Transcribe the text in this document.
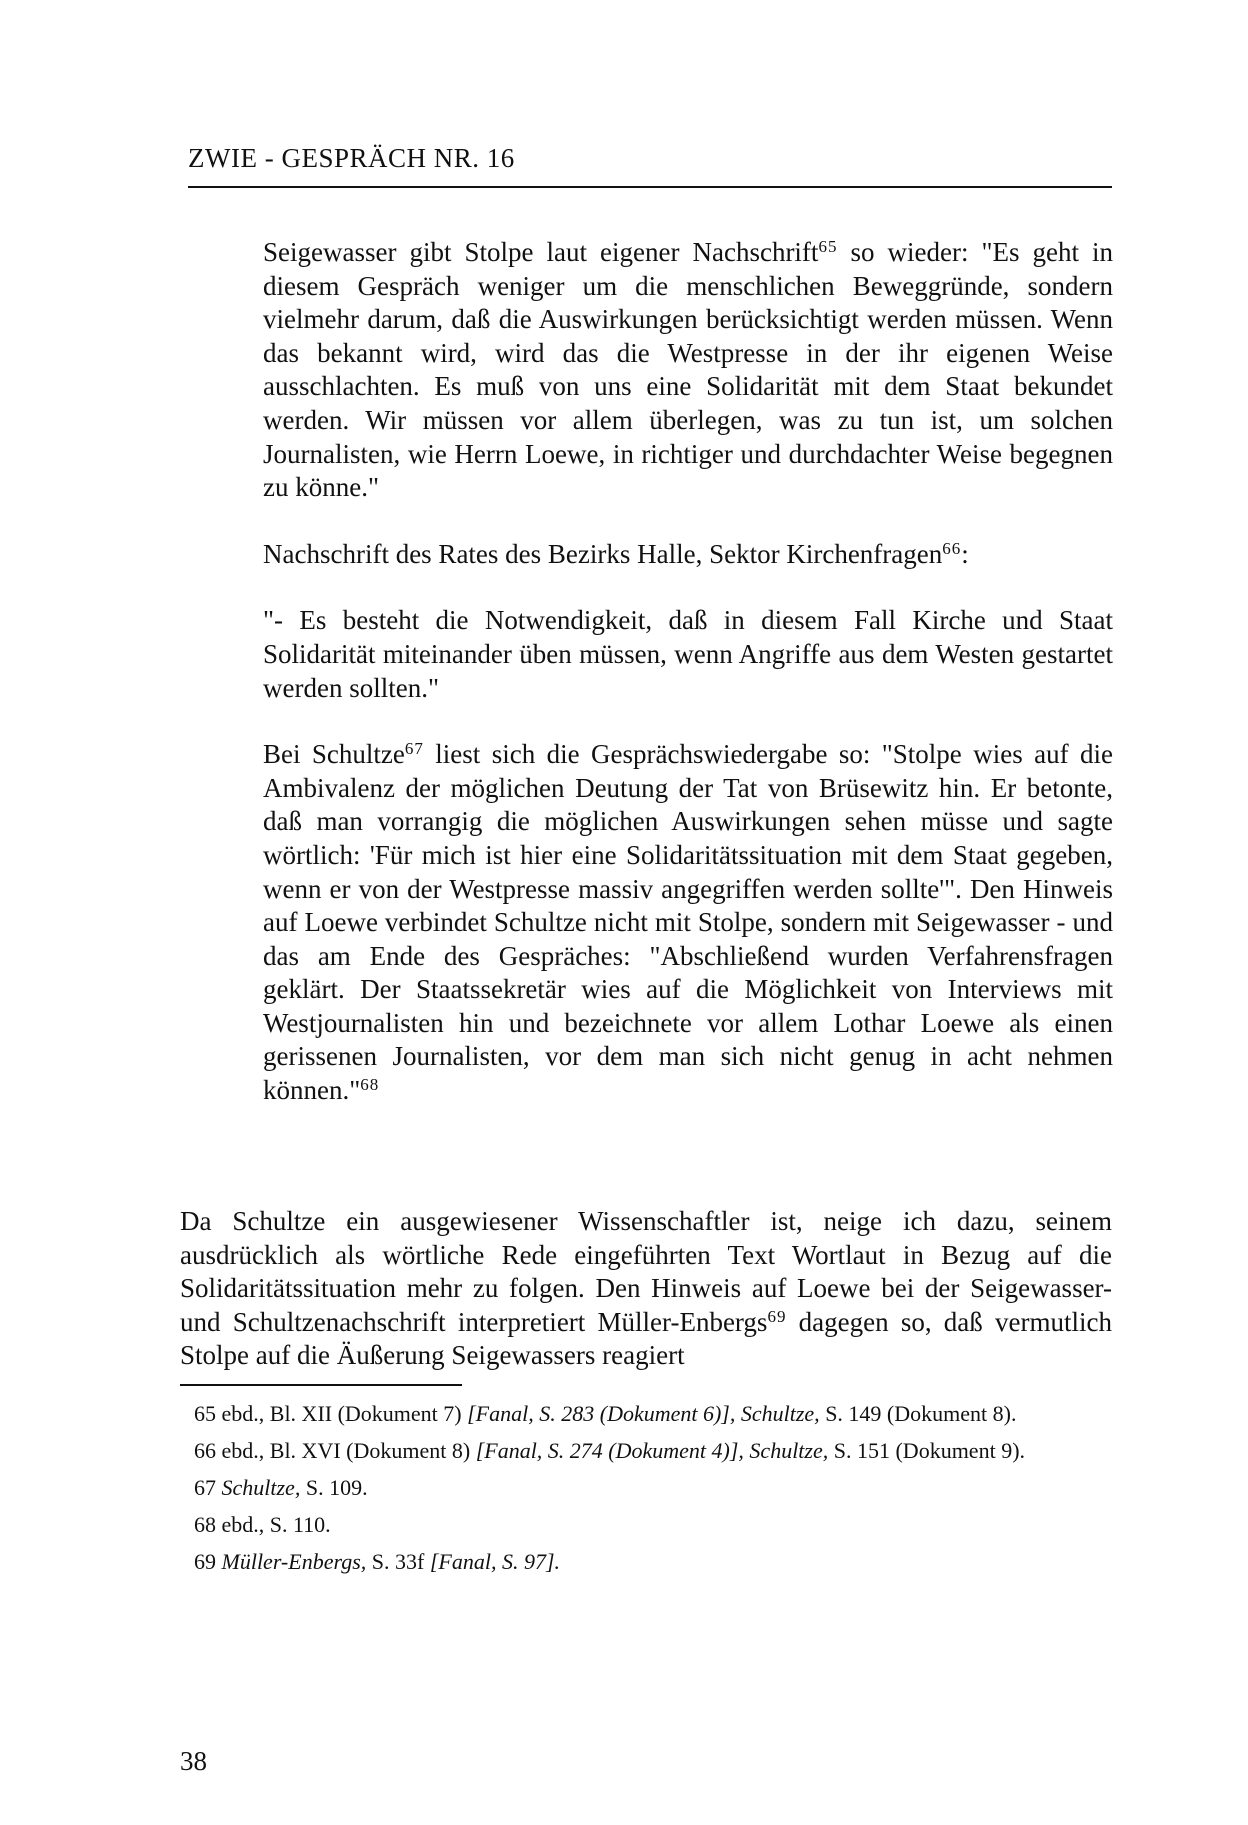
ZWIE - GESPRÄCH NR. 16

Seigewasser gibt Stolpe laut eigener Nachschrift$^{65}$ so wieder: "Es geht in diesem Gespräch weniger um die menschlichen Beweggründe, sondern vielmehr darum, daß die Auswirkungen berücksichtigt werden müssen. Wenn das bekannt wird, wird das die Westpresse in der ihr eigenen Weise ausschlachten. Es muß von uns eine Solidarität mit dem Staat bekundet werden. Wir müssen vor allem überlegen, was zu tun ist, um solchen Journalisten, wie Herrn Loewe, in richtiger und durchdachter Weise begegnen zu könne."

Nachschrift des Rates des Bezirks Halle, Sektor Kirchenfragen$^{66}$:

"- Es besteht die Notwendigkeit, daß in diesem Fall Kirche und Staat Solidarität miteinander üben müssen, wenn Angriffe aus dem Westen gestartet werden sollten."

Bei Schultze$^{67}$ liest sich die Gesprächswiedergabe so: "Stolpe wies auf die Ambivalenz der möglichen Deutung der Tat von Brüsewitz hin. Er betonte, daß man vorrangig die möglichen Auswirkungen sehen müsse und sagte wörtlich: 'Für mich ist hier eine Solidaritätssituation mit dem Staat gegeben, wenn er von der Westpresse massiv angegriffen werden sollte'". Den Hinweis auf Loewe verbindet Schultze nicht mit Stolpe, sondern mit Seigewasser - und das am Ende des Gespräches: "Abschließend wurden Verfahrensfragen geklärt. Der Staatssekretär wies auf die Möglichkeit von Interviews mit Westjournalisten hin und bezeichnete vor allem Lothar Loewe als einen gerissenen Journalisten, vor dem man sich nicht genug in acht nehmen können."$^{68}$

Da Schultze ein ausgewiesener Wissenschaftler ist, neige ich dazu, seinem ausdrücklich als wörtliche Rede eingeführten Text Wortlaut in Bezug auf die Solidaritätssituation mehr zu folgen. Den Hinweis auf Loewe bei der Seigewasser- und Schultzenachschrift interpretiert Müller-Enbergs$^{69}$ dagegen so, daß vermutlich Stolpe auf die Äußerung Seigewassers reagiert

65 ebd., Bl. XII (Dokument 7) [Fanal, S. 283 (Dokument 6)], Schultze, S. 149 (Dokument 8).
66 ebd., Bl. XVI (Dokument 8) [Fanal, S. 274 (Dokument 4)], Schultze, S. 151 (Dokument 9).
67 Schultze, S. 109.
68 ebd., S. 110.
69 Müller-Enbergs, S. 33f [Fanal, S. 97].
38
